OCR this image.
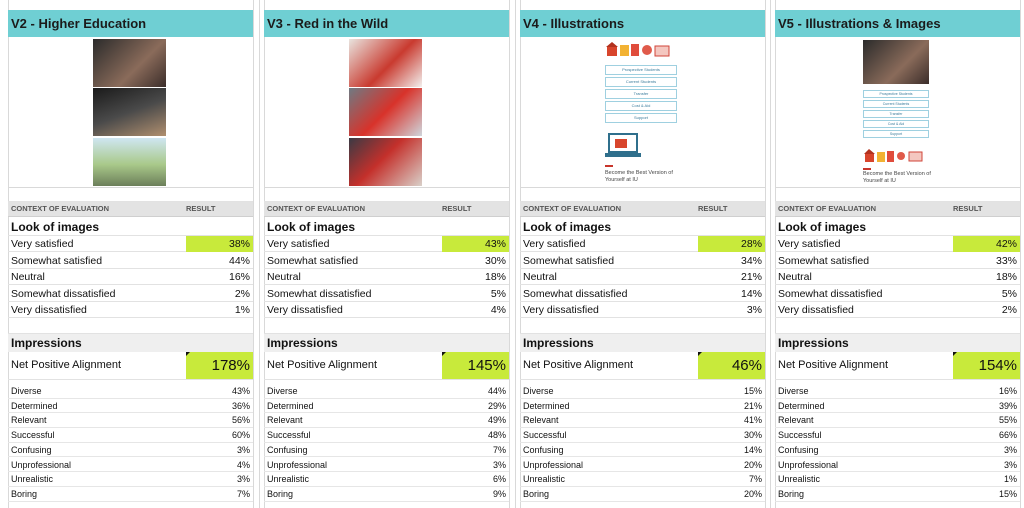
V2 - Higher Education
CONTEXT OF EVALUATION	RESULT
Look of images
Very satisfied	38%
Somewhat satisfied	44%
Neutral	16%
Somewhat dissatisfied	2%
Very dissatisfied	1%
Impressions
Net Positive Alignment	178%
Diverse	43%
Determined	36%
Relevant	56%
Successful	60%
Confusing	3%
Unprofessional	4%
Unrealistic	3%
Boring	7%
V3 - Red in the Wild
CONTEXT OF EVALUATION	RESULT
Look of images
Very satisfied	43%
Somewhat satisfied	30%
Neutral	18%
Somewhat dissatisfied	5%
Very dissatisfied	4%
Impressions
Net Positive Alignment	145%
Diverse	44%
Determined	29%
Relevant	49%
Successful	48%
Confusing	7%
Unprofessional	3%
Unrealistic	6%
Boring	9%
V4 - Illustrations
Prospective Students
Current Students
Transfer
Cost & Aid
Support
Become the Best Version of Yourself at IU
CONTEXT OF EVALUATION	RESULT
Look of images
Very satisfied	28%
Somewhat satisfied	34%
Neutral	21%
Somewhat dissatisfied	14%
Very dissatisfied	3%
Impressions
Net Positive Alignment	46%
Diverse	15%
Determined	21%
Relevant	41%
Successful	30%
Confusing	14%
Unprofessional	20%
Unrealistic	7%
Boring	20%
V5 - Illustrations & Images
Prospective Students
Current Students
Transfer
Cost & Aid
Support
Become the Best Version of Yourself at IU
CONTEXT OF EVALUATION	RESULT
Look of images
Very satisfied	42%
Somewhat satisfied	33%
Neutral	18%
Somewhat dissatisfied	5%
Very dissatisfied	2%
Impressions
Net Positive Alignment	154%
Diverse	16%
Determined	39%
Relevant	55%
Successful	66%
Confusing	3%
Unprofessional	3%
Unrealistic	1%
Boring	15%
